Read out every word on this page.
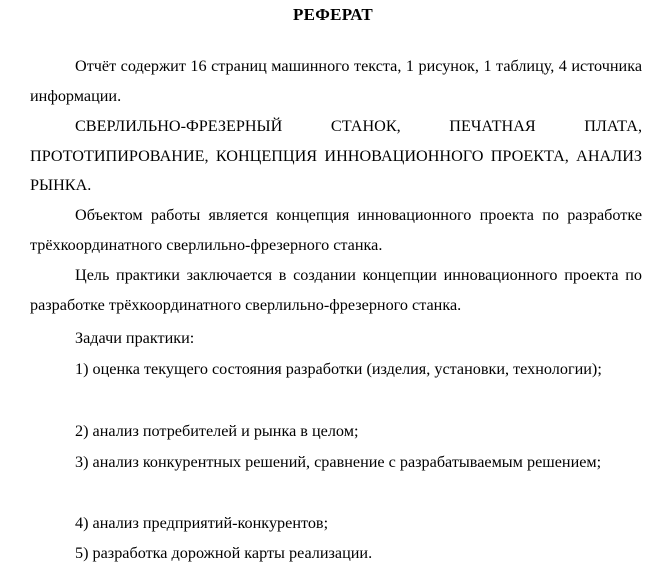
РЕФЕРАТ

Отчёт содержит 16 страниц машинного текста, 1 рисунок, 1 таблицу, 4 источника информации.

СВЕРЛИЛЬНО-ФРЕЗЕРНЫЙ СТАНОК, ПЕЧАТНАЯ ПЛАТА, ПРОТОТИПИРОВАНИЕ, КОНЦЕПЦИЯ ИННОВАЦИОННОГО ПРОЕКТА, АНАЛИЗ РЫНКА.

Объектом работы является концепция инновационного проекта по разработке трёхкоординатного сверлильно-фрезерного станка.

Цель практики заключается в создании концепции инновационного проекта по разработке трёхкоординатного сверлильно-фрезерного станка.

Задачи практики:

1) оценка текущего состояния разработки (изделия, установки, технологии);

2) анализ потребителей и рынка в целом;

3) анализ конкурентных решений, сравнение с разрабатываемым решением;

4) анализ предприятий-конкурентов;

5) разработка дорожной карты реализации.
